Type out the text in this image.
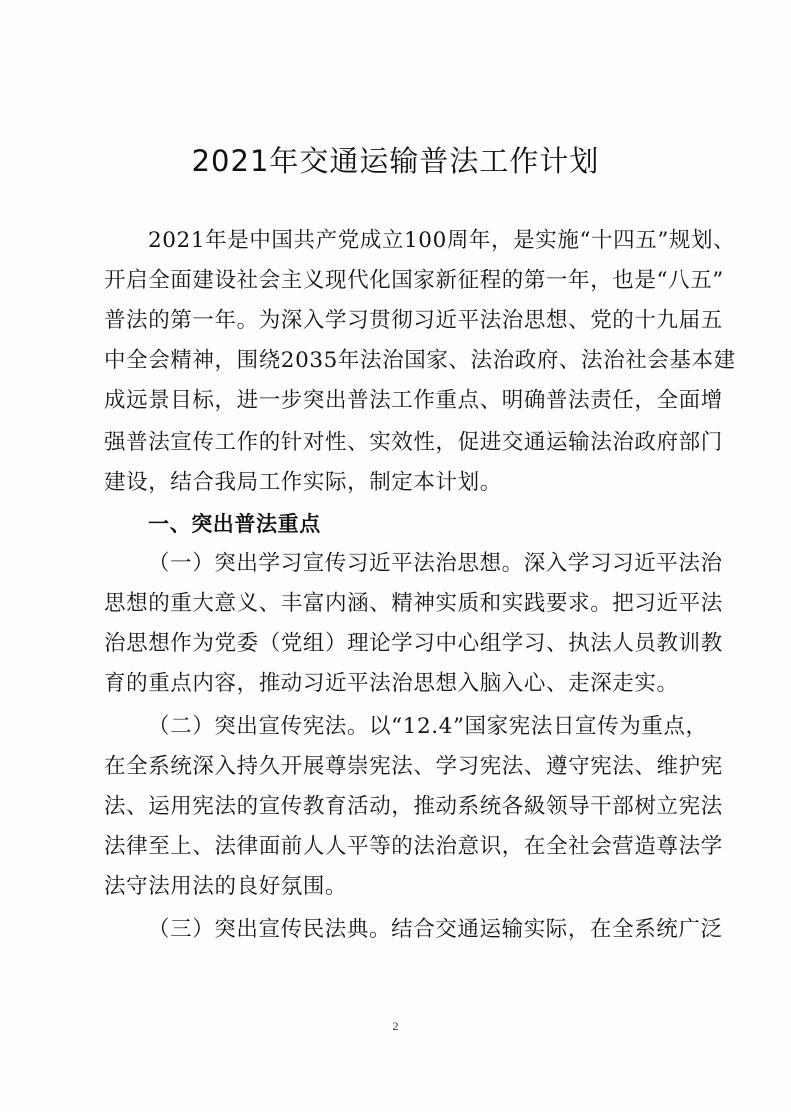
2021年交通运输普法工作计划
2021年是中国共产党成立100周年，是实施“十四五”规划、
开启全面建设社会主义现代化国家新征程的第一年，也是“八五”
普法的第一年。为深入学习贯彻习近平法治思想、党的十九届五
中全会精神，围绕2035年法治国家、法治政府、法治社会基本建
成远景目标，进一步突出普法工作重点、明确普法责任，全面增
强普法宣传工作的针对性、实效性，促进交通运输法治政府部门
建设，结合我局工作实际，制定本计划。
一、突出普法重点
（一）突出学习宣传习近平法治思想。深入学习习近平法治
思想的重大意义、丰富内涵、精神实质和实践要求。把习近平法
治思想作为党委（党组）理论学习中心组学习、执法人员教训教
育的重点内容，推动习近平法治思想入脑入心、走深走实。
（二）突出宣传宪法。以“12.4”国家宪法日宣传为重点，
在全系统深入持久开展尊崇宪法、学习宪法、遵守宪法、维护宪
法、运用宪法的宣传教育活动，推动系统各級领导干部树立宪法
法律至上、法律面前人人平等的法治意识，在全社会营造尊法学
法守法用法的良好氛围。
（三）突出宣传民法典。结合交通运输实际，在全系统广泛
2
